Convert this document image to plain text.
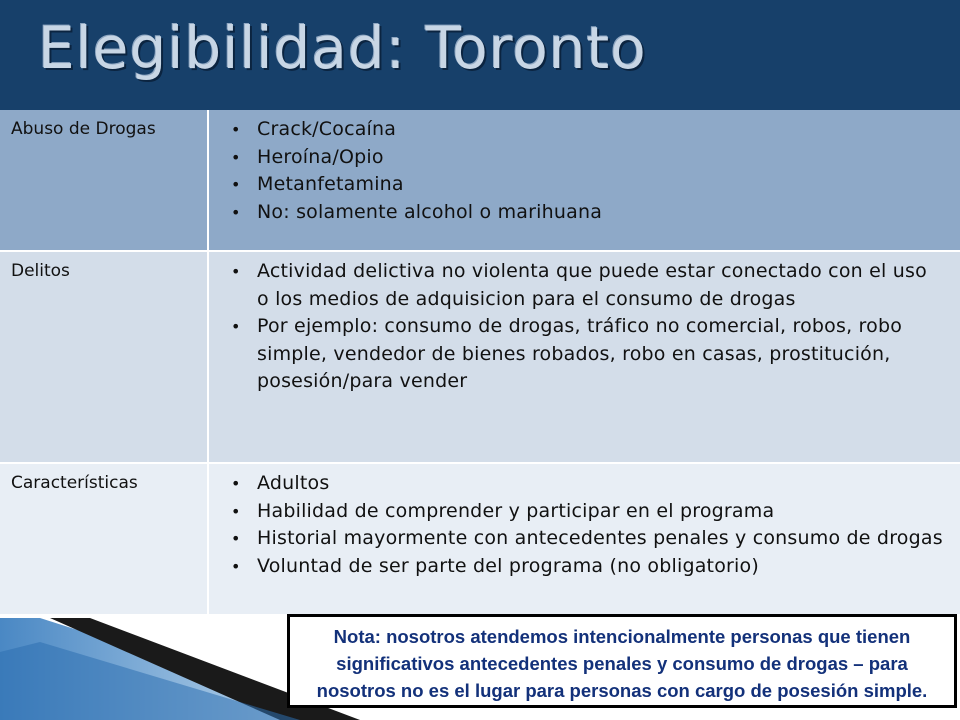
Elegibilidad: Toronto
Abuso de Drogas	• Crack/Cocaína
• Heroína/Opio
• Metanfetamina
• No: solamente alcohol o marihuana
Delitos	• Actividad delictiva no violenta que puede estar conectado con el uso o los medios de adquisicion para el consumo de drogas
• Por ejemplo: consumo de drogas, tráfico no comercial, robos, robo simple, vendedor de bienes robados, robo en casas, prostitución, posesión/para vender
Características	• Adultos
• Habilidad de comprender y participar en el programa
• Historial mayormente con antecedentes penales y consumo de drogas
• Voluntad de ser parte del programa (no obligatorio)
Nota: nosotros atendemos intencionalmente personas que tienen significativos antecedentes penales y consumo de drogas – para nosotros no es el lugar para personas con cargo de posesión simple.
